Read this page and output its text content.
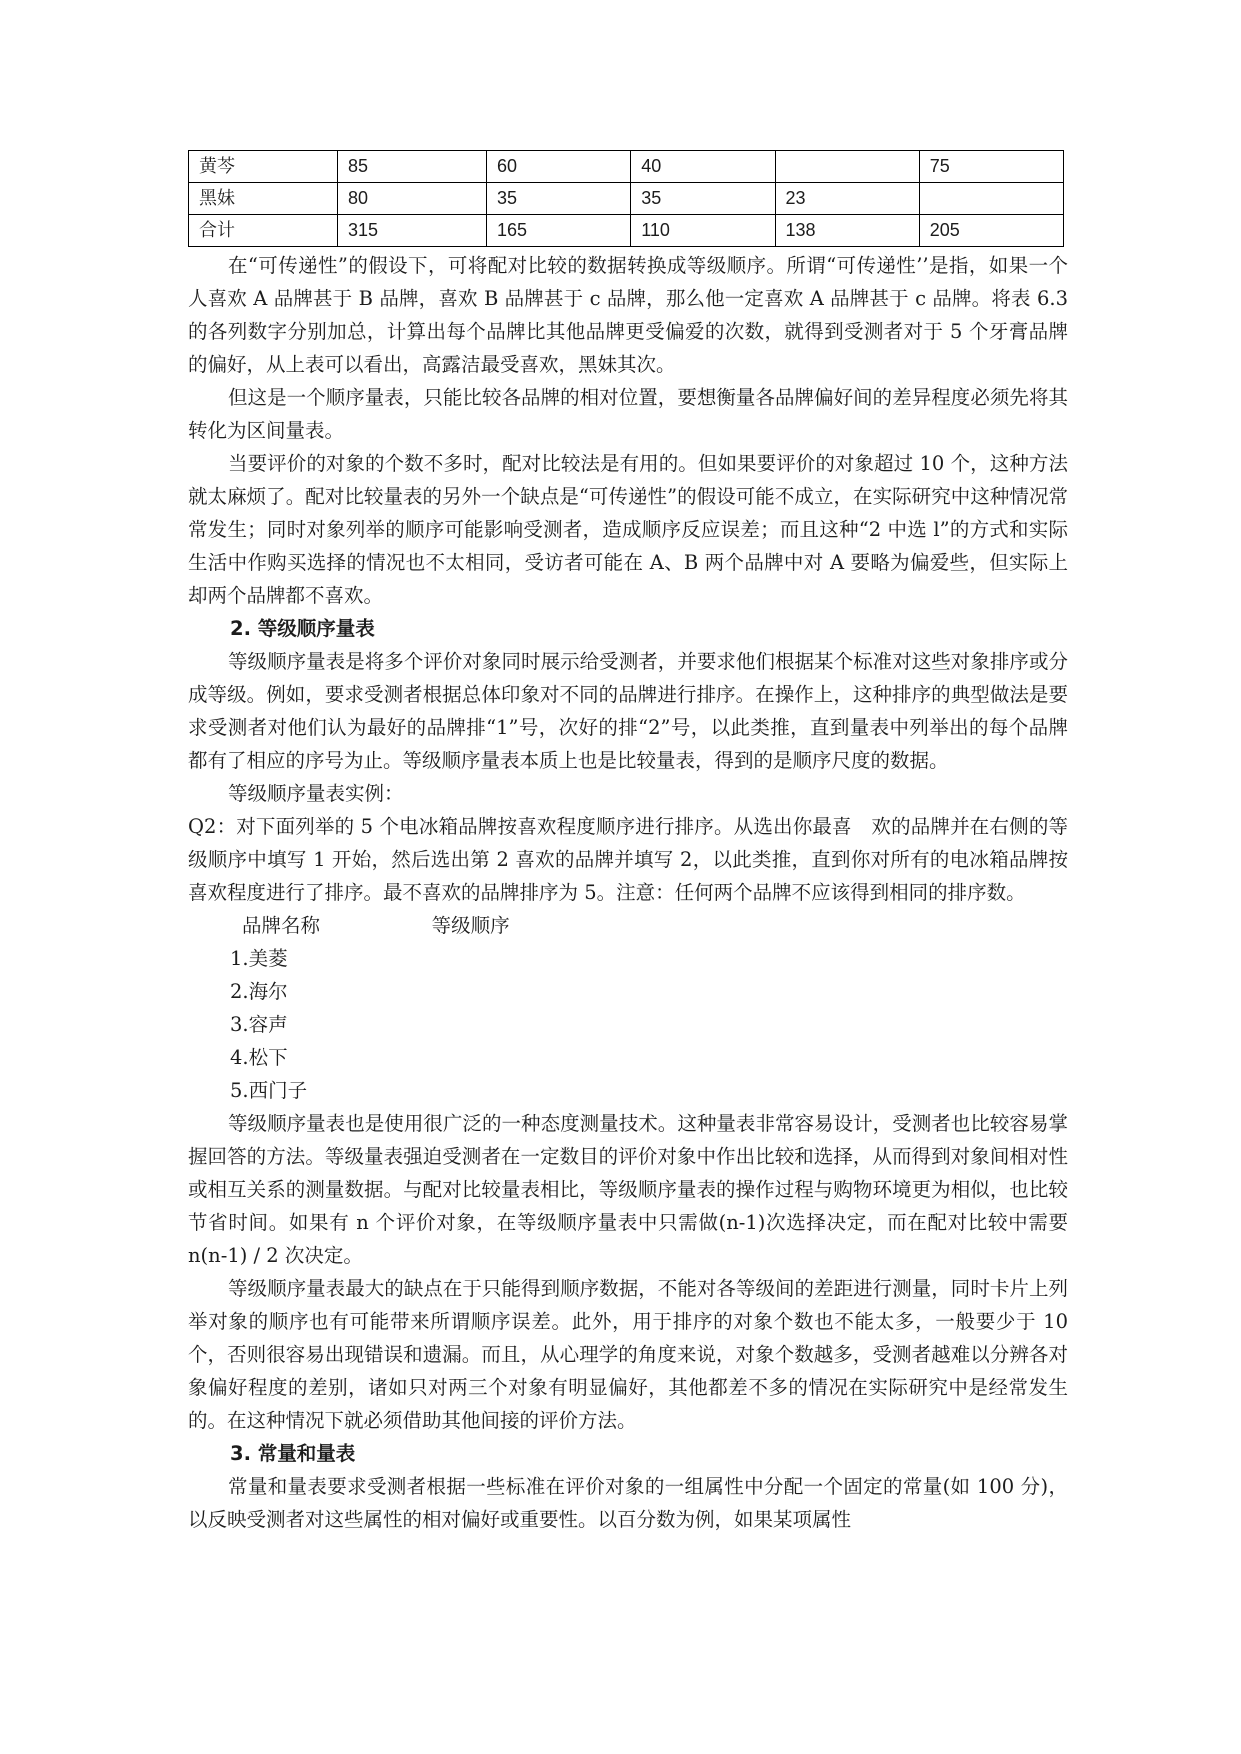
黄芩	85	60	40		75
黑妹	80	35	35	23	
合计	315	165	110	138	205

在“可传递性”的假设下，可将配对比较的数据转换成等级顺序。所谓“可传递性’’是指，如果一个人喜欢 A 品牌甚于 B 品牌，喜欢 B 品牌甚于 c 品牌，那么他一定喜欢 A 品牌甚于 c 品牌。将表 6.3 的各列数字分别加总，计算出每个品牌比其他品牌更受偏爱的次数，就得到受测者对于 5 个牙膏品牌的偏好，从上表可以看出，高露洁最受喜欢，黑妹其次。

但这是一个顺序量表，只能比较各品牌的相对位置，要想衡量各品牌偏好间的差异程度必须先将其转化为区间量表。

当要评价的对象的个数不多时，配对比较法是有用的。但如果要评价的对象超过 10 个，这种方法就太麻烦了。配对比较量表的另外一个缺点是“可传递性”的假设可能不成立，在实际研究中这种情况常常发生；同时对象列举的顺序可能影响受测者，造成顺序反应误差；而且这种“2 中选 l”的方式和实际生活中作购买选择的情况也不太相同，受访者可能在 A、B 两个品牌中对 A 要略为偏爱些，但实际上却两个品牌都不喜欢。

2. 等级顺序量表

等级顺序量表是将多个评价对象同时展示给受测者，并要求他们根据某个标准对这些对象排序或分成等级。例如，要求受测者根据总体印象对不同的品牌进行排序。在操作上，这种排序的典型做法是要求受测者对他们认为最好的品牌排“1”号，次好的排“2”号，以此类推，直到量表中列举出的每个品牌都有了相应的序号为止。等级顺序量表本质上也是比较量表，得到的是顺序尺度的数据。

等级顺序量表实例：

Q2：对下面列举的 5 个电冰箱品牌按喜欢程度顺序进行排序。从选出你最喜　欢的品牌并在右侧的等级顺序中填写 1 开始，然后选出第 2 喜欢的品牌并填写 2，以此类推，直到你对所有的电冰箱品牌按喜欢程度进行了排序。最不喜欢的品牌排序为 5。注意：任何两个品牌不应该得到相同的排序数。

品牌名称                  等级顺序

1.美菱

2.海尔

3.容声

4.松下

5.西门子

等级顺序量表也是使用很广泛的一种态度测量技术。这种量表非常容易设计，受测者也比较容易掌握回答的方法。等级量表强迫受测者在一定数目的评价对象中作出比较和选择，从而得到对象间相对性或相互关系的测量数据。与配对比较量表相比，等级顺序量表的操作过程与购物环境更为相似，也比较节省时间。如果有 n 个评价对象，在等级顺序量表中只需做(n-1)次选择决定，而在配对比较中需要 n(n-1) / 2 次决定。

等级顺序量表最大的缺点在于只能得到顺序数据，不能对各等级间的差距进行测量，同时卡片上列举对象的顺序也有可能带来所谓顺序误差。此外，用于排序的对象个数也不能太多，一般要少于 10 个，否则很容易出现错误和遗漏。而且，从心理学的角度来说，对象个数越多，受测者越难以分辨各对象偏好程度的差别，诸如只对两三个对象有明显偏好，其他都差不多的情况在实际研究中是经常发生的。在这种情况下就必须借助其他间接的评价方法。

3. 常量和量表

常量和量表要求受测者根据一些标准在评价对象的一组属性中分配一个固定的常量(如 100 分)，以反映受测者对这些属性的相对偏好或重要性。以百分数为例，如果某项属性
